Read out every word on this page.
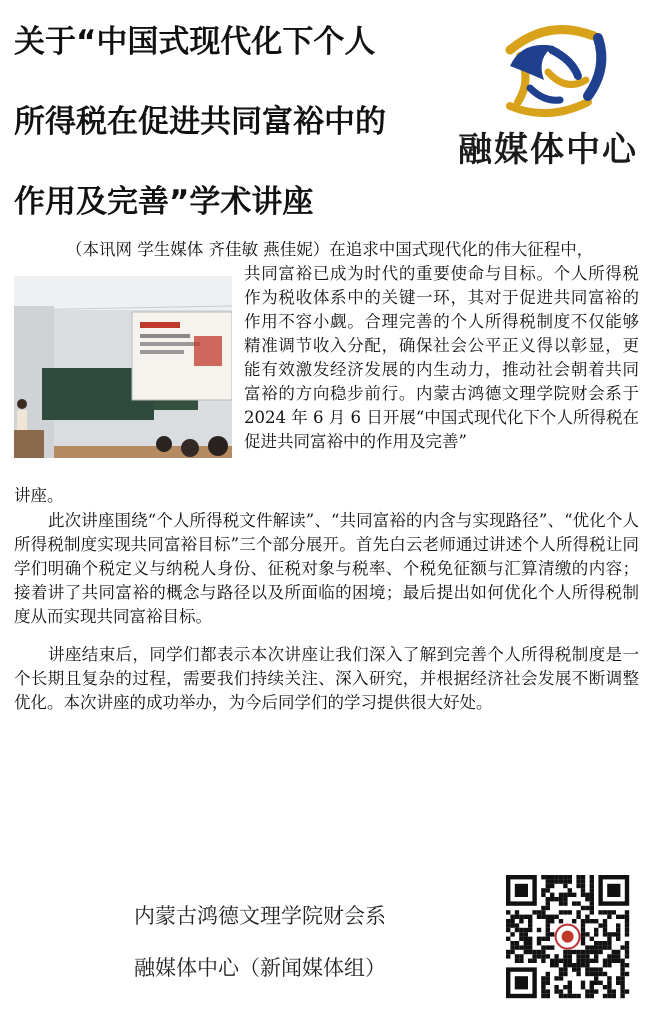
关于“中国式现代化下个人
所得税在促进共同富裕中的
作用及完善”学术讲座
融媒体中心
（本讯网 学生媒体 齐佳敏 燕佳妮）在追求中国式现代化的伟大征程中，
共同富裕已成为时代的重要使命与目标。个人所得税作为税收体系中的关键一环，其对于促进共同富裕的作用不容小觑。合理完善的个人所得税制度不仅能够精准调节收入分配，确保社会公平正义得以彰显，更能有效激发经济发展的内生动力，推动社会朝着共同富裕的方向稳步前行。内蒙古鸿德文理学院财会系于 2024 年 6 月 6 日开展“中国式现代化下个人所得税在促进共同富裕中的作用及完善”
讲座。
此次讲座围绕“个人所得税文件解读”、“共同富裕的内含与实现路径”、“优化个人所得税制度实现共同富裕目标”三个部分展开。首先白云老师通过讲述个人所得税让同学们明确个税定义与纳税人身份、征税对象与税率、个税免征额与汇算清缴的内容；接着讲了共同富裕的概念与路径以及所面临的困境；最后提出如何优化个人所得税制度从而实现共同富裕目标。
讲座结束后，同学们都表示本次讲座让我们深入了解到完善个人所得税制度是一个长期且复杂的过程，需要我们持续关注、深入研究，并根据经济社会发展不断调整优化。本次讲座的成功举办，为今后同学们的学习提供很大好处。
内蒙古鸿德文理学院财会系
融媒体中心（新闻媒体组）
